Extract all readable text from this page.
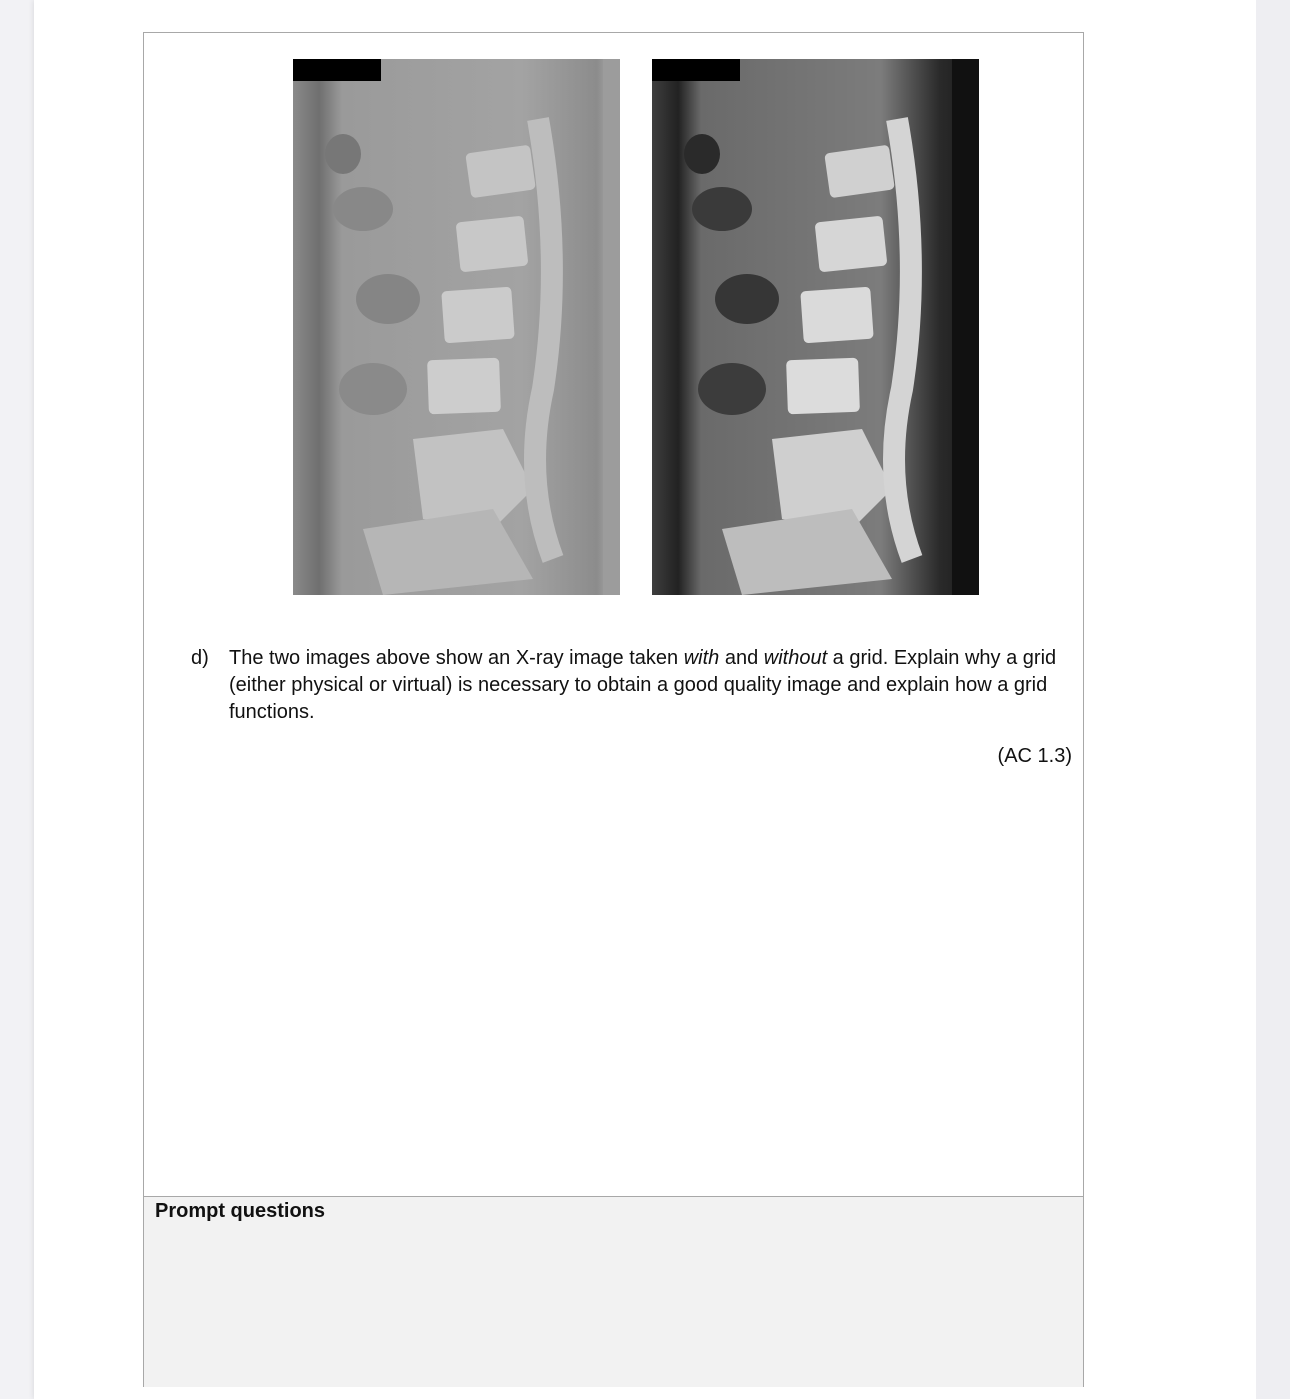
d) The two images above show an X-ray image taken with and without a grid. Explain why a grid (either physical or virtual) is necessary to obtain a good quality image and explain how a grid functions.
(AC 1.3)
Prompt questions
